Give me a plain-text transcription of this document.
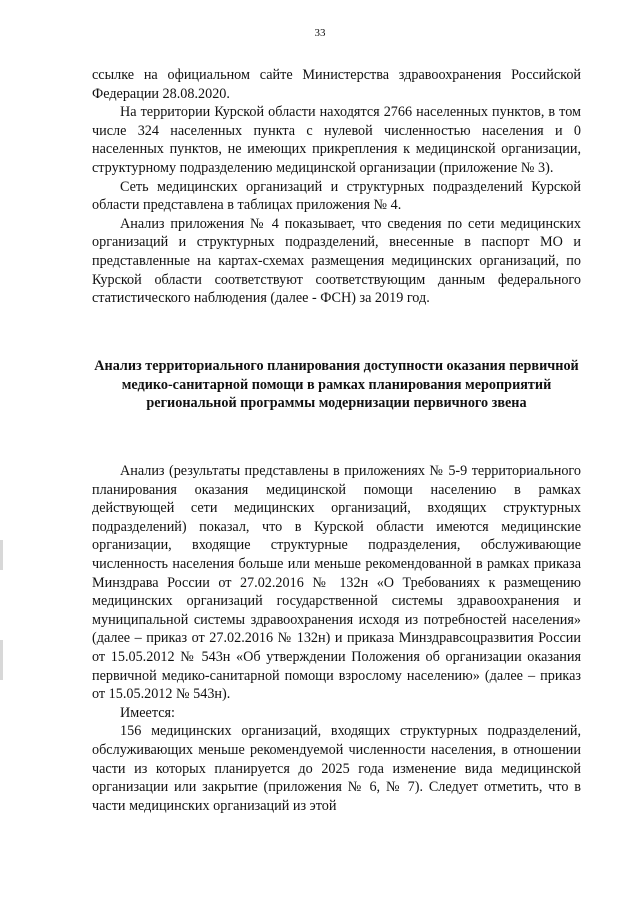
33

ссылке на официальном сайте Министерства здравоохранения Российской Федерации 28.08.2020.

На территории Курской области находятся 2766 населенных пунктов, в том числе 324 населенных пункта с нулевой численностью населения и 0 населенных пунктов, не имеющих прикрепления к медицинской организации, структурному подразделению медицинской организации (приложение № 3).

Сеть медицинских организаций и структурных подразделений Курской области представлена в таблицах приложения № 4.

Анализ приложения № 4 показывает, что сведения по сети медицинских организаций и структурных подразделений, внесенные в паспорт МО и представленные на картах-схемах размещения медицинских организаций, по Курской области соответствуют соответствующим данным федерального статистического наблюдения (далее - ФСН) за 2019 год.

Анализ территориального планирования доступности оказания первичной медико-санитарной помощи в рамках планирования мероприятий региональной программы модернизации первичного звена

Анализ (результаты представлены в приложениях № 5-9 территориального планирования оказания медицинской помощи населению в рамках действующей сети медицинских организаций, входящих структурных подразделений) показал, что в Курской области имеются медицинские организации, входящие структурные подразделения, обслуживающие численность населения больше или меньше рекомендованной в рамках приказа Минздрава России от 27.02.2016 № 132н «О Требованиях к размещению медицинских организаций государственной системы здравоохранения и муниципальной системы здравоохранения исходя из потребностей населения» (далее – приказ от 27.02.2016 № 132н) и приказа Минздравсоцразвития России от 15.05.2012 № 543н «Об утверждении Положения об организации оказания первичной медико-санитарной помощи взрослому населению» (далее – приказ от 15.05.2012 № 543н).

Имеется:

156 медицинских организаций, входящих структурных подразделений, обслуживающих меньше рекомендуемой численности населения, в отношении части из которых планируется до 2025 года изменение вида медицинской организации или закрытие (приложения № 6, № 7). Следует отметить, что в части медицинских организаций из этой
